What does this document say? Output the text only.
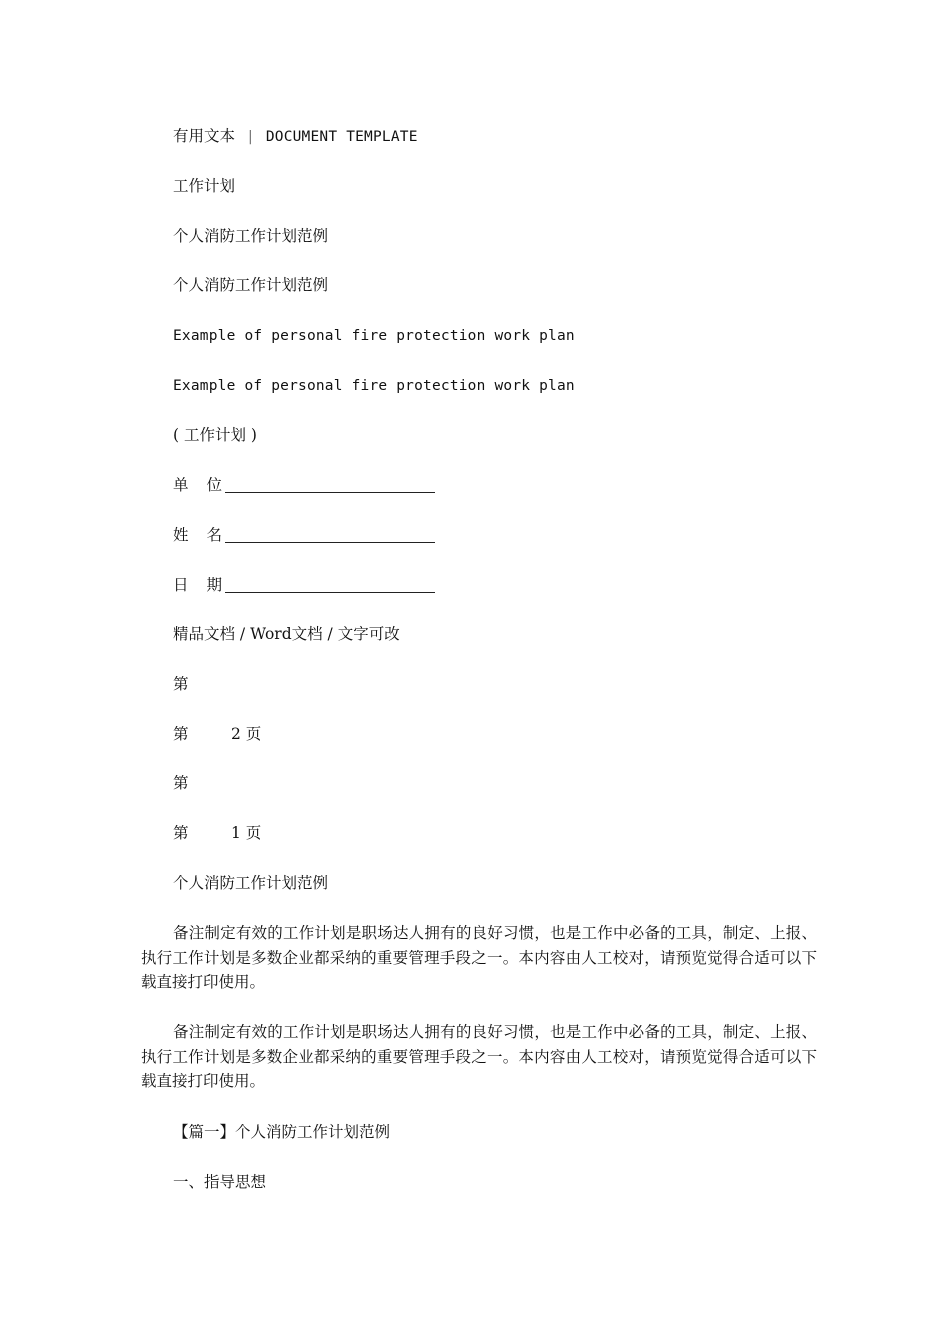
有用文本 | DOCUMENT TEMPLATE
工作计划
个人消防工作计划范例
个人消防工作计划范例
Example of personal fire protection work plan
Example of personal fire protection work plan
( 工作计划 )
单位
姓名
日期
精品文档 / Word文档 / 文字可改
第
第	2 页
第
第	1 页
个人消防工作计划范例
备注制定有效的工作计划是职场达人拥有的良好习惯，也是工作中必备的工具，制定、上报、执行工作计划是多数企业都采纳的重要管理手段之一。本内容由人工校对，请预览觉得合适可以下载直接打印使用。
备注制定有效的工作计划是职场达人拥有的良好习惯，也是工作中必备的工具，制定、上报、执行工作计划是多数企业都采纳的重要管理手段之一。本内容由人工校对，请预览觉得合适可以下载直接打印使用。
【篇一】个人消防工作计划范例
一、指导思想
